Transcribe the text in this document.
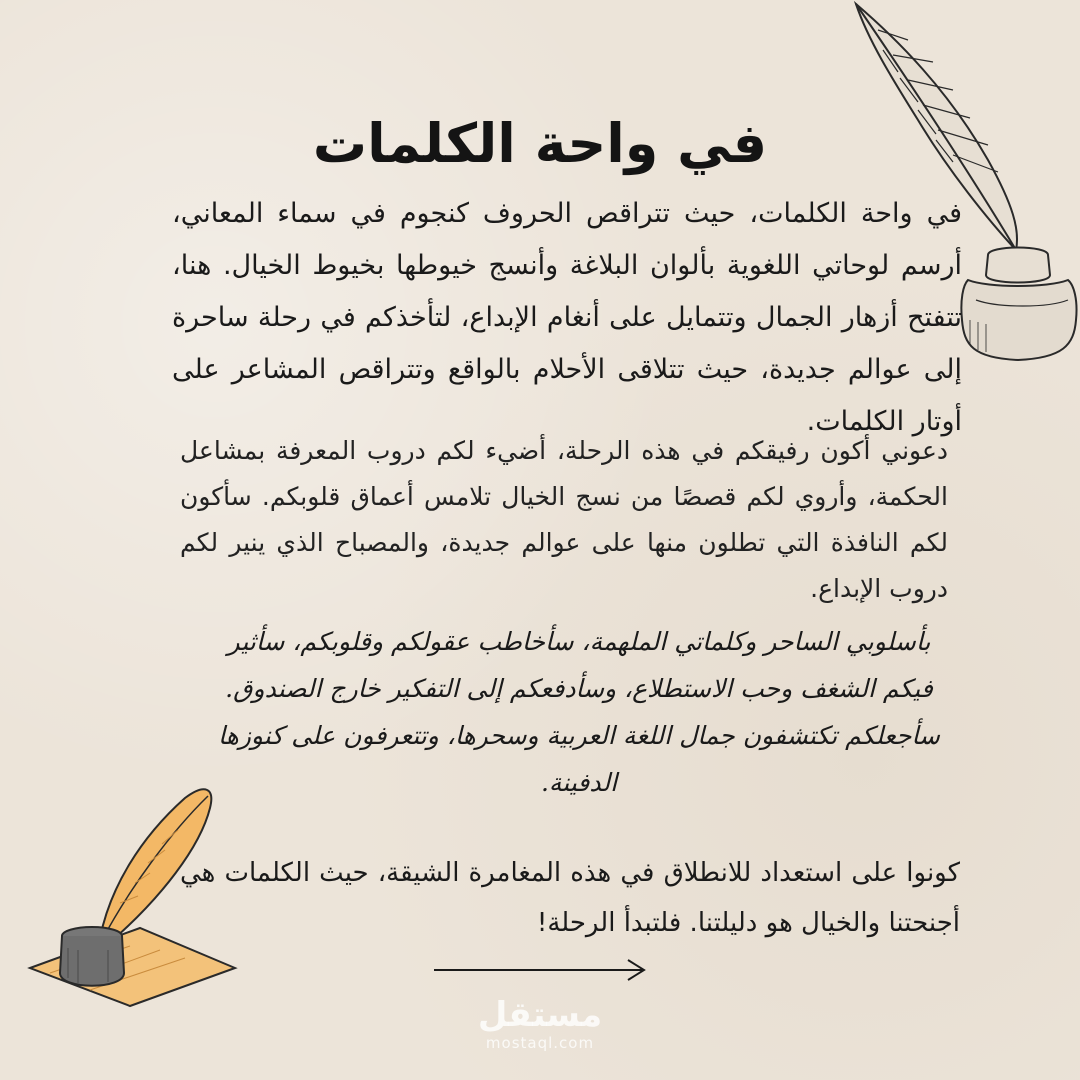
في واحة الكلمات

في واحة الكلمات، حيث تتراقص الحروف كنجوم في سماء المعاني، أرسم لوحاتي اللغوية بألوان البلاغة وأنسج خيوطها بخيوط الخيال. هنا، تتفتح أزهار الجمال وتتمايل على أنغام الإبداع، لتأخذكم في رحلة ساحرة إلى عوالم جديدة، حيث تتلاقى الأحلام بالواقع وتتراقص المشاعر على أوتار الكلمات.

دعوني أكون رفيقكم في هذه الرحلة، أضيء لكم دروب المعرفة بمشاعل الحكمة، وأروي لكم قصصًا من نسج الخيال تلامس أعماق قلوبكم. سأكون لكم النافذة التي تطلون منها على عوالم جديدة، والمصباح الذي ينير لكم دروب الإبداع.

بأسلوبي الساحر وكلماتي الملهمة، سأخاطب عقولكم وقلوبكم، سأثير فيكم الشغف وحب الاستطلاع، وسأدفعكم إلى التفكير خارج الصندوق. سأجعلكم تكتشفون جمال اللغة العربية وسحرها، وتتعرفون على كنوزها الدفينة.

كونوا على استعداد للانطلاق في هذه المغامرة الشيقة، حيث الكلمات هي أجنحتنا والخيال هو دليلتنا. فلتبدأ الرحلة!

مستقل
mostaql.com
